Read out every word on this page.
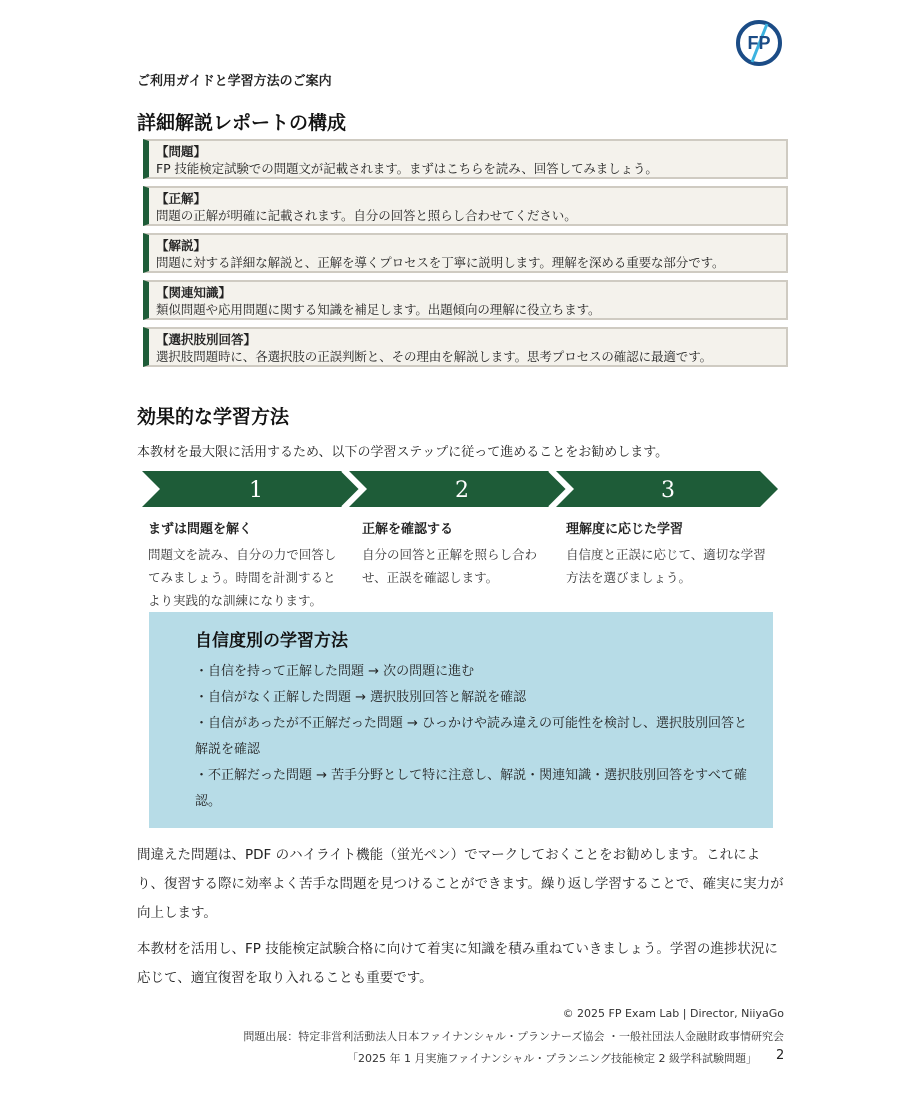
FP
ご利用ガイドと学習方法のご案内
詳細解説レポートの構成
【問題】
FP 技能検定試験での問題文が記載されます。まずはこちらを読み、回答してみましょう。
【正解】
問題の正解が明確に記載されます。自分の回答と照らし合わせてください。
【解説】
問題に対する詳細な解説と、正解を導くプロセスを丁寧に説明します。理解を深める重要な部分です。
【関連知識】
類似問題や応用問題に関する知識を補足します。出題傾向の理解に役立ちます。
【選択肢別回答】
選択肢問題時に、各選択肢の正誤判断と、その理由を解説します。思考プロセスの確認に最適です。
効果的な学習方法
本教材を最大限に活用するため、以下の学習ステップに従って進めることをお勧めします。
1	2	3
まずは問題を解く
問題文を読み、自分の力で回答してみましょう。時間を計測するとより実践的な訓練になります。
正解を確認する
自分の回答と正解を照らし合わせ、正誤を確認します。
理解度に応じた学習
自信度と正誤に応じて、適切な学習方法を選びましょう。
自信度別の学習方法
・自信を持って正解した問題 → 次の問題に進む
・自信がなく正解した問題 → 選択肢別回答と解説を確認
・自信があったが不正解だった問題 → ひっかけや読み違えの可能性を検討し、選択肢別回答と解説を確認
・不正解だった問題 → 苦手分野として特に注意し、解説・関連知識・選択肢別回答をすべて確認。
間違えた問題は、PDF のハイライト機能（蛍光ペン）でマークしておくことをお勧めします。これにより、復習する際に効率よく苦手な問題を見つけることができます。繰り返し学習することで、確実に実力が向上します。
本教材を活用し、FP 技能検定試験合格に向けて着実に知識を積み重ねていきましょう。学習の進捗状況に応じて、適宜復習を取り入れることも重要です。
© 2025 FP Exam Lab | Director, NiiyaGo
問題出展：特定非営利活動法人日本ファイナンシャル・プランナーズ協会 ・一般社団法人金融財政事情研究会
「2025 年 1 月実施ファイナンシャル・プランニング技能検定 2 級学科試験問題」 2
